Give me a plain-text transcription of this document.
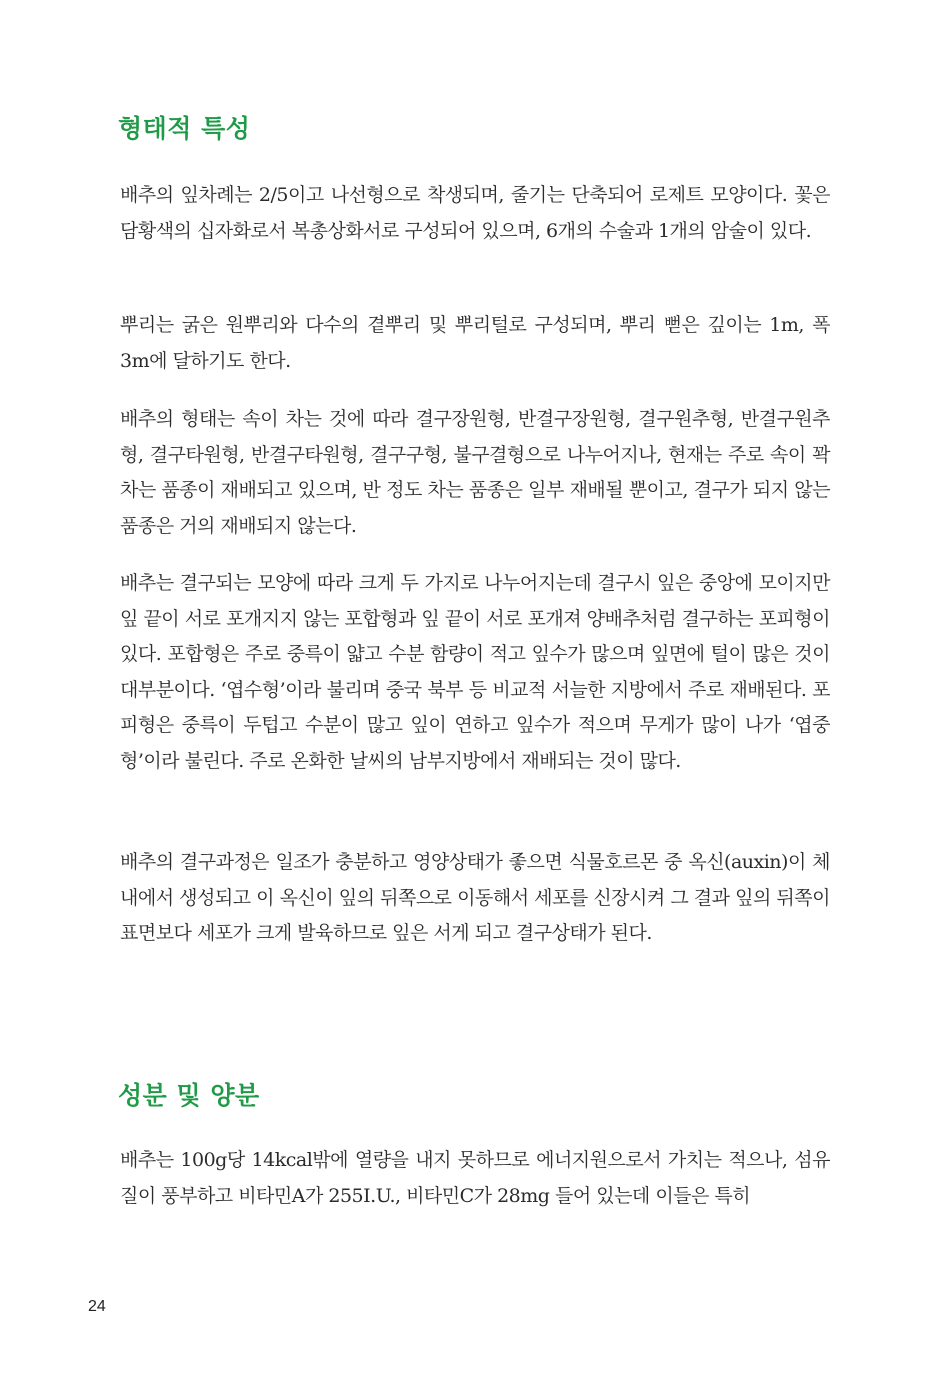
형태적 특성

배추의 잎차례는 2/5이고 나선형으로 착생되며, 줄기는 단축되어 로제트 모양이다. 꽃은 담황색의 십자화로서 복총상화서로 구성되어 있으며, 6개의 수술과 1개의 암술이 있다.

뿌리는 굵은 원뿌리와 다수의 곁뿌리 및 뿌리털로 구성되며, 뿌리 뻗은 깊이는 1m, 폭 3m에 달하기도 한다.

배추의 형태는 속이 차는 것에 따라 결구장원형, 반결구장원형, 결구원추형, 반결구원추형, 결구타원형, 반결구타원형, 결구구형, 불구결형으로 나누어지나, 현재는 주로 속이 꽉 차는 품종이 재배되고 있으며, 반 정도 차는 품종은 일부 재배될 뿐이고, 결구가 되지 않는 품종은 거의 재배되지 않는다.

배추는 결구되는 모양에 따라 크게 두 가지로 나누어지는데 결구시 잎은 중앙에 모이지만 잎 끝이 서로 포개지지 않는 포합형과 잎 끝이 서로 포개져 양배추처럼 결구하는 포피형이 있다. 포합형은 주로 중륵이 얇고 수분 함량이 적고 잎수가 많으며 잎면에 털이 많은 것이 대부분이다. ‘엽수형’이라 불리며 중국 북부 등 비교적 서늘한 지방에서 주로 재배된다. 포피형은 중륵이 두텁고 수분이 많고 잎이 연하고 잎수가 적으며 무게가 많이 나가 ‘엽중형’이라 불린다. 주로 온화한 날씨의 남부지방에서 재배되는 것이 많다.

배추의 결구과정은 일조가 충분하고 영양상태가 좋으면 식물호르몬 중 옥신(auxin)이 체내에서 생성되고 이 옥신이 잎의 뒤쪽으로 이동해서 세포를 신장시켜 그 결과 잎의 뒤쪽이 표면보다 세포가 크게 발육하므로 잎은 서게 되고 결구상태가 된다.

성분 및 양분

배추는 100g당 14kcal밖에 열량을 내지 못하므로 에너지원으로서 가치는 적으나, 섬유질이 풍부하고 비타민A가 255I.U., 비타민C가 28mg 들어 있는데 이들은 특히

24
